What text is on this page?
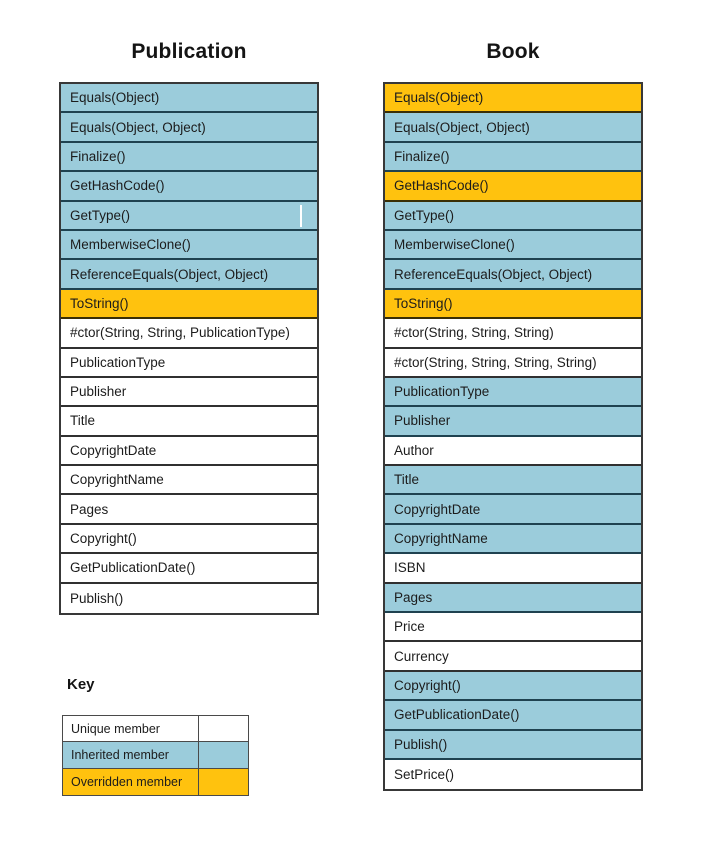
Publication
Equals(Object)
Equals(Object, Object)
Finalize()
GetHashCode()
GetType()
MemberwiseClone()
ReferenceEquals(Object, Object)
ToString()
#ctor(String, String, PublicationType)
PublicationType
Publisher
Title
CopyrightDate
CopyrightName
Pages
Copyright()
GetPublicationDate()
Publish()
Book
Equals(Object)
Equals(Object, Object)
Finalize()
GetHashCode()
GetType()
MemberwiseClone()
ReferenceEquals(Object, Object)
ToString()
#ctor(String, String, String)
#ctor(String, String, String, String)
PublicationType
Publisher
Author
Title
CopyrightDate
CopyrightName
ISBN
Pages
Price
Currency
Copyright()
GetPublicationDate()
Publish()
SetPrice()
Key
Unique member
Inherited member
Overridden member
